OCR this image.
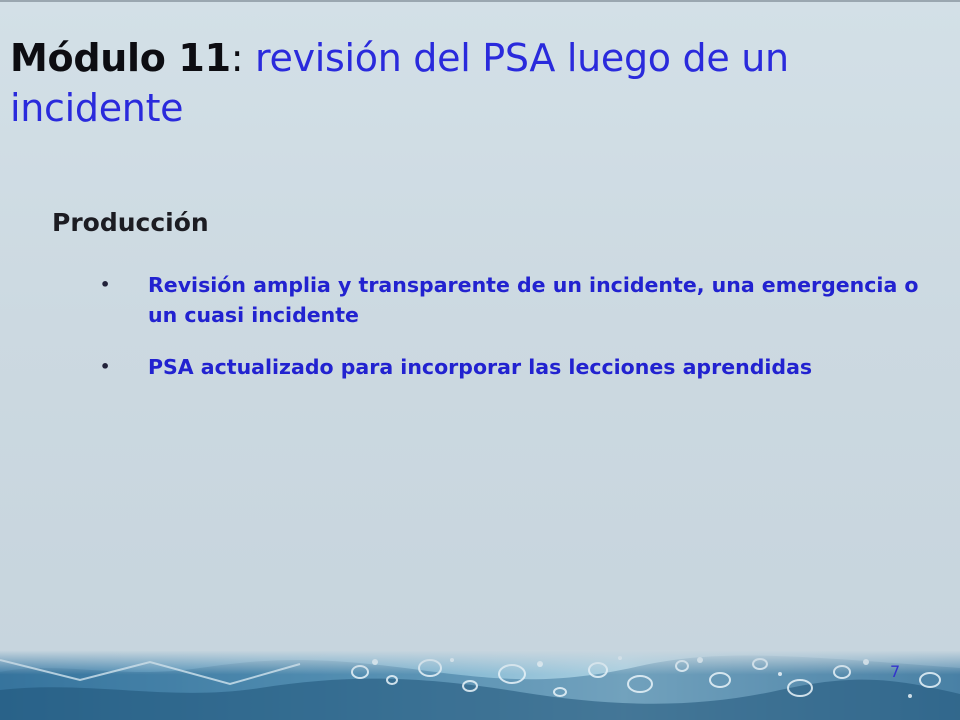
Módulo 11: revisión del PSA luego de un incidente
Producción
• Revisión amplia y transparente de un incidente, una emergencia o un cuasi incidente
• PSA actualizado para incorporar las lecciones aprendidas
7
